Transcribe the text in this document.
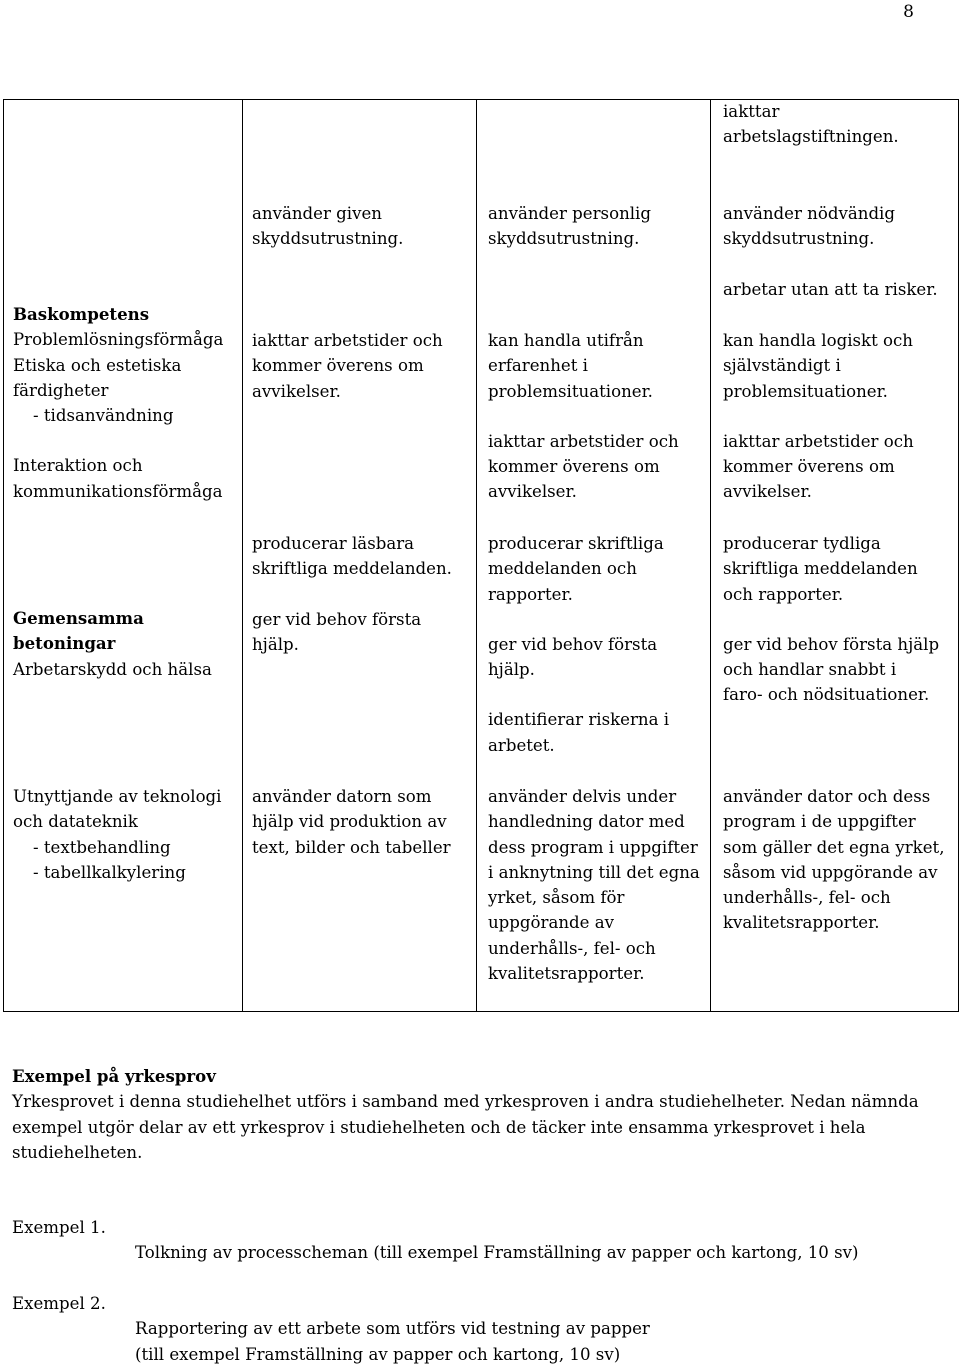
8

iakttar

arbetslagstiftningen.

använder given

skyddsutrustning.

använder personlig

skyddsutrustning.

använder nödvändig

skyddsutrustning.

arbetar utan att ta risker.

Baskompetens

Problemlösningsförmåga

Etiska och estetiska

färdigheter

- tidsanvändning

Interaktion och

kommunikationsförmåga

iakttar arbetstider och

kommer överens om

avvikelser.

kan handla utifrån

erfarenhet i

problemsituationer.

iakttar arbetstider och

kommer överens om

avvikelser.

kan handla logiskt och

självständigt i

problemsituationer.

iakttar arbetstider och

kommer överens om

avvikelser.

Gemensamma

betoningar

Arbetarskydd och hälsa

producerar läsbara

skriftliga meddelanden.

ger vid behov första

hjälp.

producerar skriftliga

meddelanden och

rapporter.

ger vid behov första

hjälp.

identifierar riskerna i

arbetet.

producerar tydliga

skriftliga meddelanden

och rapporter.

ger vid behov första hjälp

och handlar snabbt i

faro- och nödsituationer.

Utnyttjande av teknologi

och datateknik

- textbehandling

- tabellkalkylering

använder datorn som

hjälp vid produktion av

text, bilder och tabeller

använder delvis under

handledning dator med

dess program i uppgifter

i anknytning till det egna

yrket, såsom för

uppgörande av

underhålls-, fel- och

kvalitetsrapporter.

använder dator och dess

program i de uppgifter

som gäller det egna yrket,

såsom vid uppgörande av

underhålls-, fel- och

kvalitetsrapporter.

Exempel på yrkesprov

Yrkesprovet i denna studiehelhet utförs i samband med yrkesproven i andra studiehelheter. Nedan nämnda

exempel utgör delar av ett yrkesprov i studiehelheten och de täcker inte ensamma yrkesprovet i hela

studiehelheten.

Exempel 1.

Tolkning av processcheman (till exempel Framställning av papper och kartong, 10 sv)

Exempel 2.

Rapportering av ett arbete som utförs vid testning av papper

(till exempel Framställning av papper och kartong, 10 sv)
